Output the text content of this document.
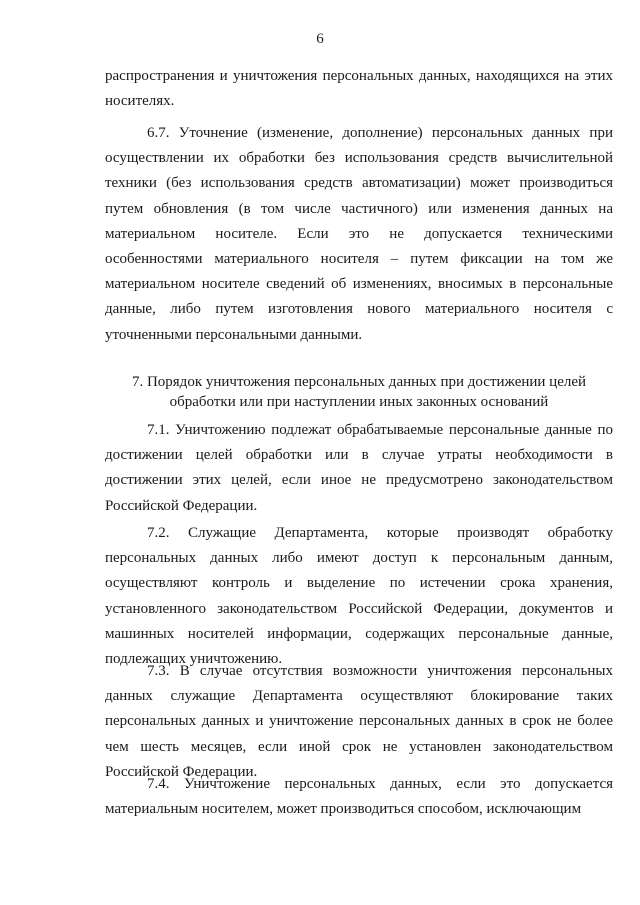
6

распространения и уничтожения персональных данных, находящихся на этих носителях.

6.7. Уточнение (изменение, дополнение) персональных данных при осуществлении их обработки без использования средств вычислительной техники (без использования средств автоматизации) может производиться путем обновления (в том числе частичного) или изменения данных на материальном носителе. Если это не допускается техническими особенностями материального носителя – путем фиксации на том же материальном носителе сведений об изменениях, вносимых в персональные данные, либо путем изготовления нового материального носителя с уточненными персональными данными.

7. Порядок уничтожения персональных данных при достижении целей обработки или при наступлении иных законных оснований

7.1. Уничтожению подлежат обрабатываемые персональные данные по достижении целей обработки или в случае утраты необходимости в достижении этих целей, если иное не предусмотрено законодательством Российской Федерации.

7.2. Служащие Департамента, которые производят обработку персональных данных либо имеют доступ к персональным данным, осуществляют контроль и выделение по истечении срока хранения, установленного законодательством Российской Федерации, документов и машинных носителей информации, содержащих персональные данные, подлежащих уничтожению.

7.3. В случае отсутствия возможности уничтожения персональных данных служащие Департамента осуществляют блокирование таких персональных данных и уничтожение персональных данных в срок не более чем шесть месяцев, если иной срок не установлен законодательством Российской Федерации.

7.4. Уничтожение персональных данных, если это допускается материальным носителем, может производиться способом, исключающим
